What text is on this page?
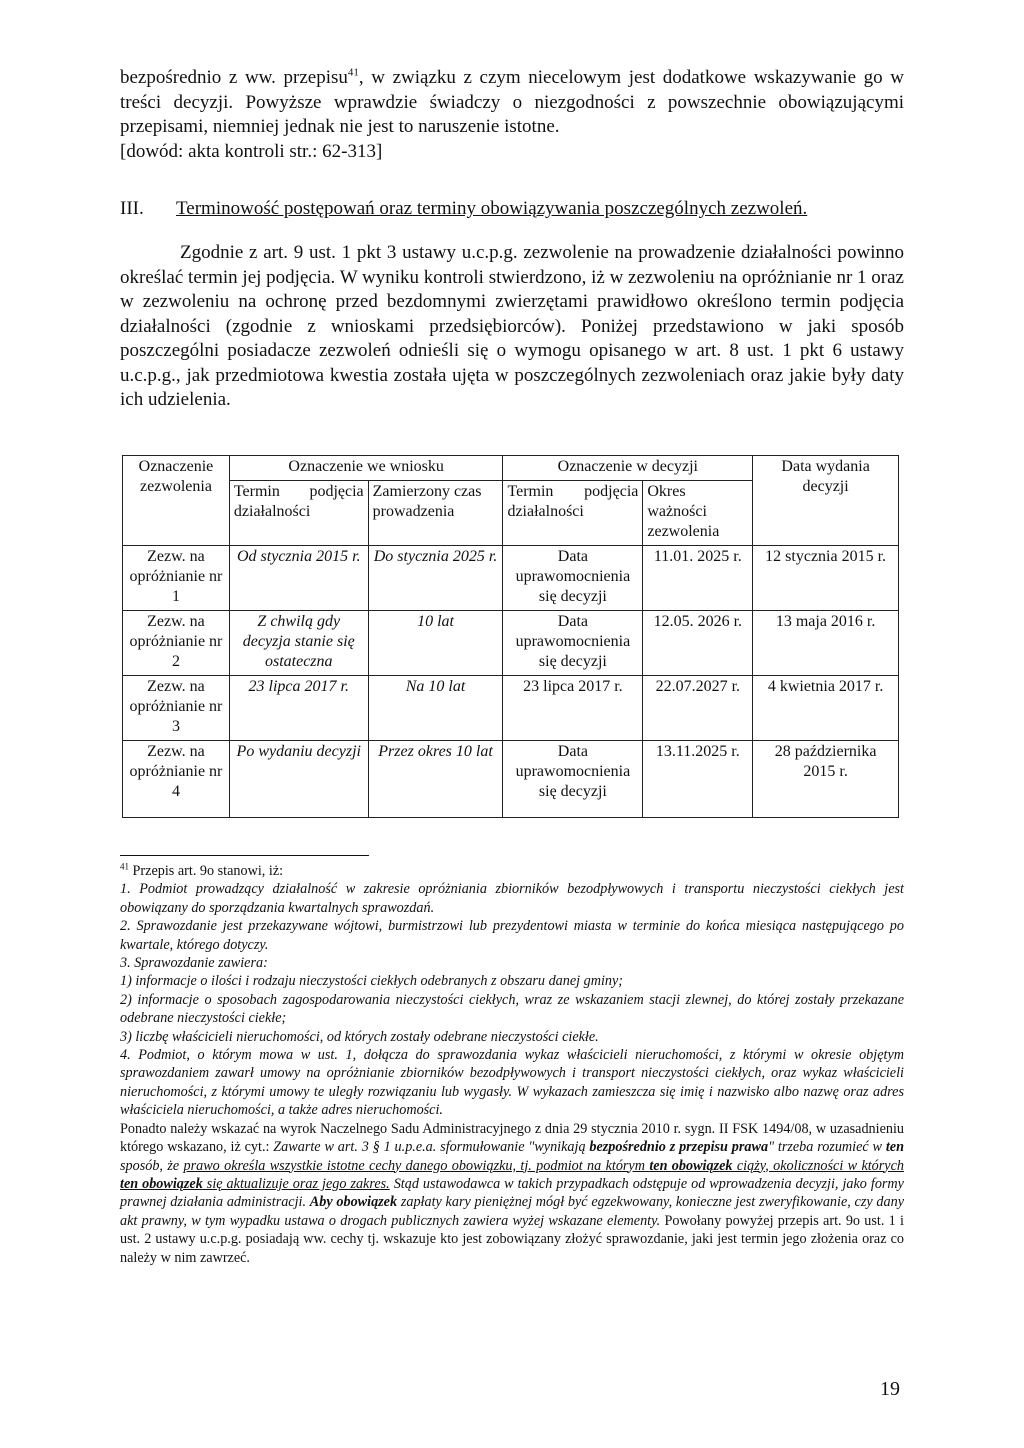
bezpośrednio z ww. przepisu$^{41}$, w związku z czym niecelowym jest dodatkowe wskazywanie go w treści decyzji. Powyższe wprawdzie świadczy o niezgodności z powszechnie obowiązującymi przepisami, niemniej jednak nie jest to naruszenie istotne.

[dowód: akta kontroli str.: 62-313]

III.	Terminowość postępowań oraz terminy obowiązywania poszczególnych zezwoleń.

Zgodnie z art. 9 ust. 1 pkt 3 ustawy u.c.p.g. zezwolenie na prowadzenie działalności powinno określać termin jej podjęcia. W wyniku kontroli stwierdzono, iż w zezwoleniu na opróżnianie nr 1 oraz w zezwoleniu na ochronę przed bezdomnymi zwierzętami prawidłowo określono termin podjęcia działalności (zgodnie z wnioskami przedsiębiorców). Poniżej przedstawiono w jaki sposób poszczególni posiadacze zezwoleń odnieśli się o wymogu opisanego w art. 8 ust. 1 pkt 6 ustawy u.c.p.g., jak przedmiotowa kwestia została ujęta w poszczególnych zezwoleniach oraz jakie były daty ich udzielenia.

Oznaczenie zezwolenia	Oznaczenie we wniosku		Oznaczenie w decyzji		Data wydania decyzji
	Termin podjęcia działalności	Zamierzony czas prowadzenia	Termin podjęcia działalności	Okres ważności zezwolenia	
Zezw. na opróżnianie nr 1	Od stycznia 2015 r.	Do stycznia 2025 r.	Data uprawomocnienia się decyzji	11.01. 2025 r.	12 stycznia 2015 r.
Zezw. na opróżnianie nr 2	Z chwilą gdy decyzja stanie się ostateczna	10 lat	Data uprawomocnienia się decyzji	12.05. 2026 r.	13 maja 2016 r.
Zezw. na opróżnianie nr 3	23 lipca 2017 r.	Na 10 lat	23 lipca 2017 r.	22.07.2027 r.	4 kwietnia 2017 r.
Zezw. na opróżnianie nr 4	Po wydaniu decyzji	Przez okres 10 lat	Data uprawomocnienia się decyzji	13.11.2025 r.	28 października 2015 r.

$^{41}$ Przepis art. 9o stanowi, iż:

1. Podmiot prowadzący działalność w zakresie opróżniania zbiorników bezodpływowych i transportu nieczystości ciekłych jest obowiązany do sporządzania kwartalnych sprawozdań.

2. Sprawozdanie jest przekazywane wójtowi, burmistrzowi lub prezydentowi miasta w terminie do końca miesiąca następującego po kwartale, którego dotyczy.

3. Sprawozdanie zawiera:

1) informacje o ilości i rodzaju nieczystości ciekłych odebranych z obszaru danej gminy;

2) informacje o sposobach zagospodarowania nieczystości ciekłych, wraz ze wskazaniem stacji zlewnej, do której zostały przekazane odebrane nieczystości ciekłe;

3) liczbę właścicieli nieruchomości, od których zostały odebrane nieczystości ciekłe.

4. Podmiot, o którym mowa w ust. 1, dołącza do sprawozdania wykaz właścicieli nieruchomości, z którymi w okresie objętym sprawozdaniem zawarł umowy na opróżnianie zbiorników bezodpływowych i transport nieczystości ciekłych, oraz wykaz właścicieli nieruchomości, z którymi umowy te uległy rozwiązaniu lub wygasły. W wykazach zamieszcza się imię i nazwisko albo nazwę oraz adres właściciela nieruchomości, a także adres nieruchomości.

Ponadto należy wskazać na wyrok Naczelnego Sadu Administracyjnego z dnia 29 stycznia 2010 r. sygn. II FSK 1494/08, w uzasadnieniu którego wskazano, iż cyt.: Zawarte w art. 3 § 1 u.p.e.a. sformułowanie "wynikają bezpośrednio z przepisu prawa" trzeba rozumieć w ten sposób, że prawo określa wszystkie istotne cechy danego obowiązku, tj. podmiot na którym ten obowiązek ciąży, okoliczności w których ten obowiązek się aktualizuje oraz jego zakres. Stąd ustawodawca w takich przypadkach odstępuje od wprowadzenia decyzji, jako formy prawnej działania administracji. Aby obowiązek zapłaty kary pieniężnej mógł być egzekwowany, konieczne jest zweryfikowanie, czy dany akt prawny, w tym wypadku ustawa o drogach publicznych zawiera wyżej wskazane elementy. Powołany powyżej przepis art. 9o ust. 1 i ust. 2 ustawy u.c.p.g. posiadają ww. cechy tj. wskazuje kto jest zobowiązany złożyć sprawozdanie, jaki jest termin jego złożenia oraz co należy w nim zawrzeć.

19
